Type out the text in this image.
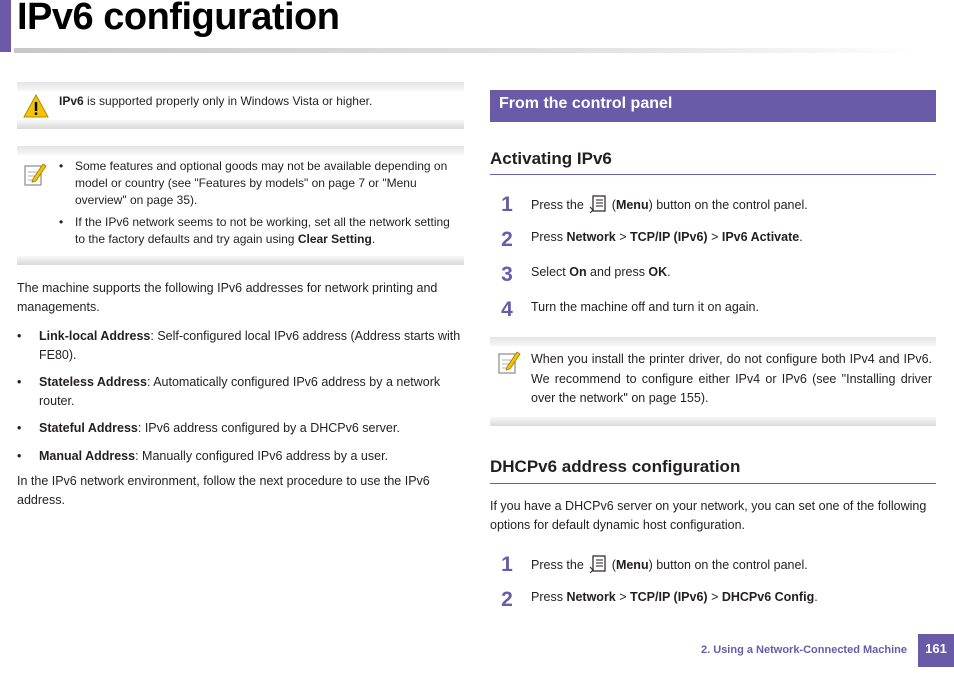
IPv6 configuration
IPv6 is supported properly only in Windows Vista or higher.
• Some features and optional goods may not be available depending on model or country (see "Features by models" on page 7 or "Menu overview" on page 35).
• If the IPv6 network seems to not be working, set all the network setting to the factory defaults and try again using Clear Setting.
The machine supports the following IPv6 addresses for network printing and managements.
• Link-local Address: Self-configured local IPv6 address (Address starts with FE80).
• Stateless Address: Automatically configured IPv6 address by a network router.
• Stateful Address: IPv6 address configured by a DHCPv6 server.
• Manual Address: Manually configured IPv6 address by a user.
In the IPv6 network environment, follow the next procedure to use the IPv6 address.
From the control panel
Activating IPv6
1	Press the  (Menu) button on the control panel.
2	Press Network > TCP/IP (IPv6) > IPv6 Activate.
3	Select On and press OK.
4	Turn the machine off and turn it on again.
When you install the printer driver, do not configure both IPv4 and IPv6. We recommend to configure either IPv4 or IPv6 (see "Installing driver over the network" on page 155).
DHCPv6 address configuration
If you have a DHCPv6 server on your network, you can set one of the following options for default dynamic host configuration.
1	Press the  (Menu) button on the control panel.
2	Press Network > TCP/IP (IPv6) > DHCPv6 Config.
2. Using a Network-Connected Machine	161
